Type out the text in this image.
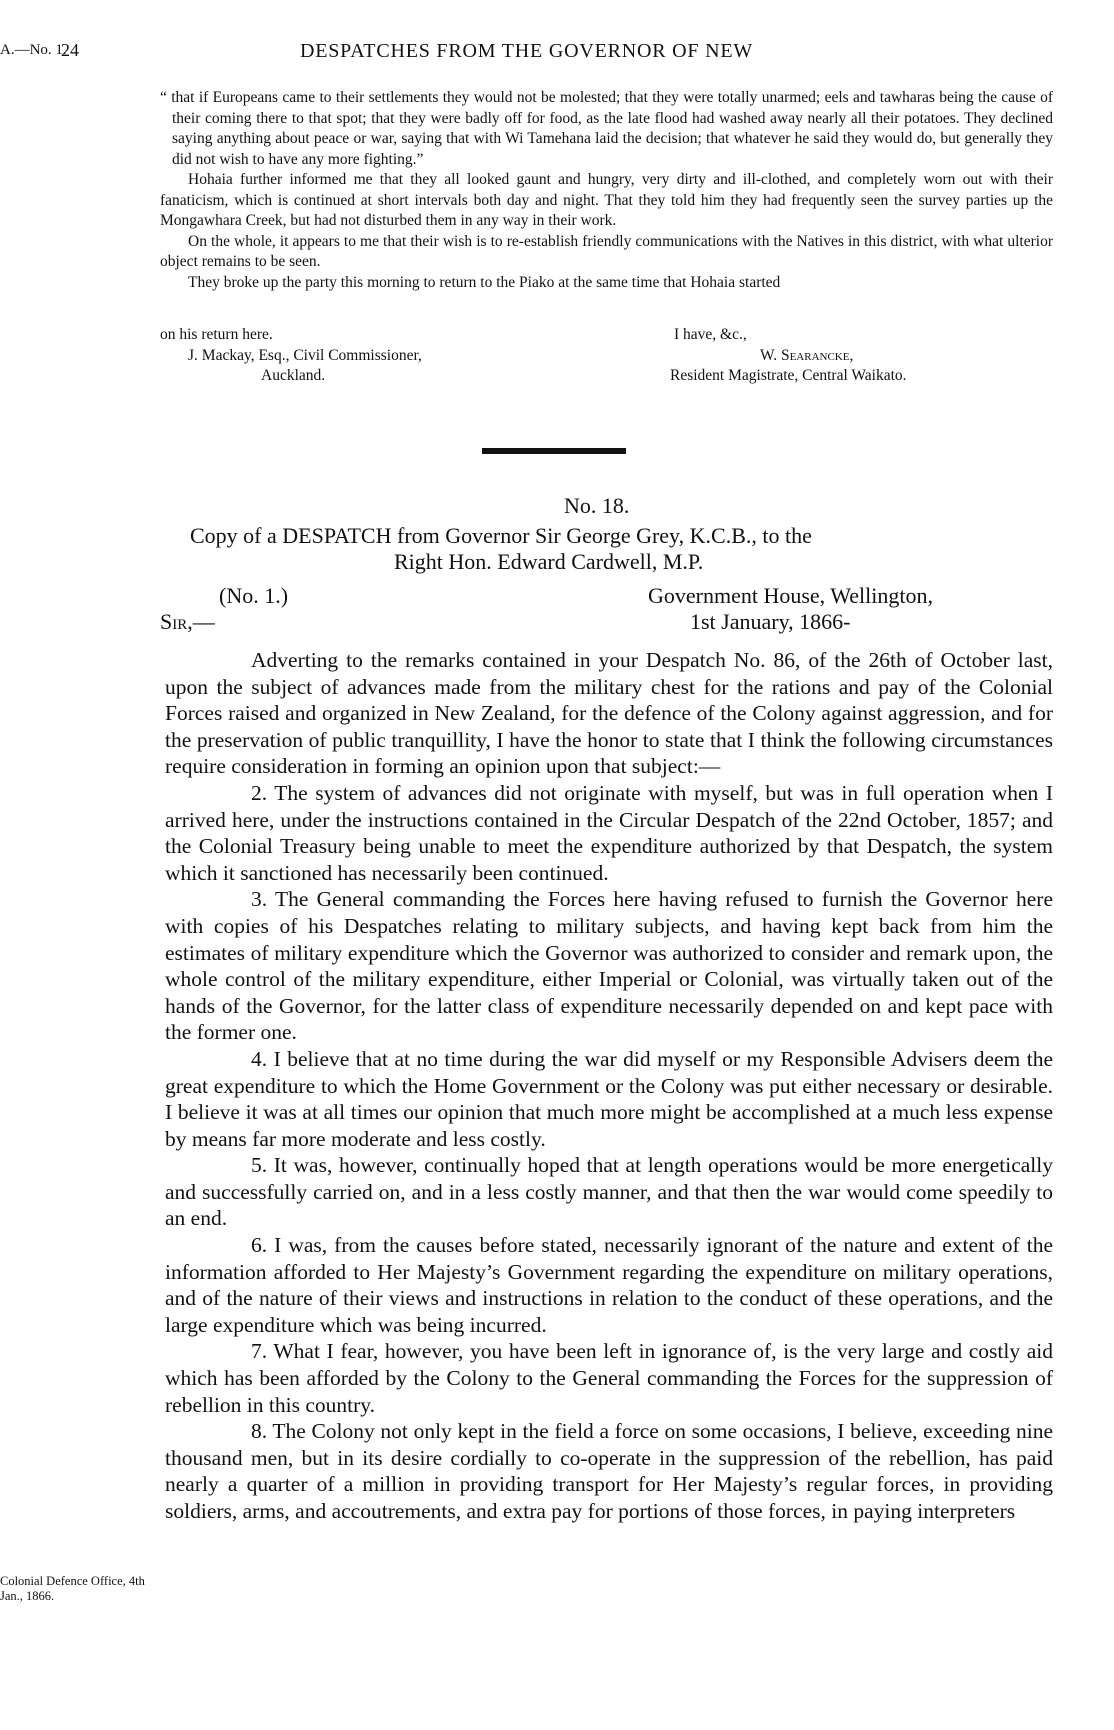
A.—No. 1.
24	DESPATCHES FROM THE GOVERNOR OF NEW

“ that if Europeans came to their settlements they would not be molested; that they were totally unarmed; eels and tawharas being the cause of their coming there to that spot; that they were badly off for food, as the late flood had washed away nearly all their potatoes. They declined saying anything about peace or war, saying that with Wi Tamehana laid the decision; that whatever he said they would do, but generally they did not wish to have any more fighting.”

Hohaia further informed me that they all looked gaunt and hungry, very dirty and ill-clothed, and completely worn out with their fanaticism, which is continued at short intervals both day and night. That they told him they had frequently seen the survey parties up the Mongawhara Creek, but had not disturbed them in any way in their work.

On the whole, it appears to me that their wish is to re-establish friendly communications with the Natives in this district, with what ulterior object remains to be seen.

They broke up the party this morning to return to the Piako at the same time that Hohaia started

on his return here.	I have, &c.,
J. Mackay, Esq., Civil Commissioner,
Auckland.
W. Searancke,
Resident Magistrate, Central Waikato.
No. 18.
Copy of a DESPATCH from Governor Sir George Grey, K.C.B., to the
Right Hon. Edward Cardwell, M.P.
(No. 1.)	Government House, Wellington,
Sir,—	1st January, 1866-

Adverting to the remarks contained in your Despatch No. 86, of the 26th of October last, upon the subject of advances made from the military chest for the rations and pay of the Colonial Forces raised and organized in New Zealand, for the defence of the Colony against aggression, and for the preservation of public tranquillity, I have the honor to state that I think the following circumstances require consideration in forming an opinion upon that subject:—

2. The system of advances did not originate with myself, but was in full operation when I arrived here, under the instructions contained in the Circular Despatch of the 22nd October, 1857; and the Colonial Treasury being unable to meet the expenditure authorized by that Despatch, the system which it sanctioned has necessarily been continued.

3. The General commanding the Forces here having refused to furnish the Governor here with copies of his Despatches relating to military subjects, and having kept back from him the estimates of military expenditure which the Governor was authorized to consider and remark upon, the whole control of the military expenditure, either Imperial or Colonial, was virtually taken out of the hands of the Governor, for the latter class of expenditure necessarily depended on and kept pace with the former one.

4. I believe that at no time during the war did myself or my Responsible Advisers deem the great expenditure to which the Home Government or the Colony was put either necessary or desirable. I believe it was at all times our opinion that much more might be accomplished at a much less expense by means far more moderate and less costly.

5. It was, however, continually hoped that at length operations would be more energetically and successfully carried on, and in a less costly manner, and that then the war would come speedily to an end.

6. I was, from the causes before stated, necessarily ignorant of the nature and extent of the information afforded to Her Majesty’s Government regarding the expenditure on military operations, and of the nature of their views and instructions in relation to the conduct of these operations, and the large expenditure which was being incurred.

7. What I fear, however, you have been left in ignorance of, is the very large and costly aid which has been afforded by the Colony to the General commanding the Forces for the suppression of rebellion in this country.

8. The Colony not only kept in the field a force on some occasions, I believe, exceeding nine thousand men, but in its desire cordially to co-operate in the suppression of the rebellion, has paid nearly a quarter of a million in providing transport for Her Majesty’s regular forces, in providing soldiers, arms, and accoutrements, and extra pay for portions of those forces, in paying interpreters

Colonial Defence Office, 4th Jan., 1866.
